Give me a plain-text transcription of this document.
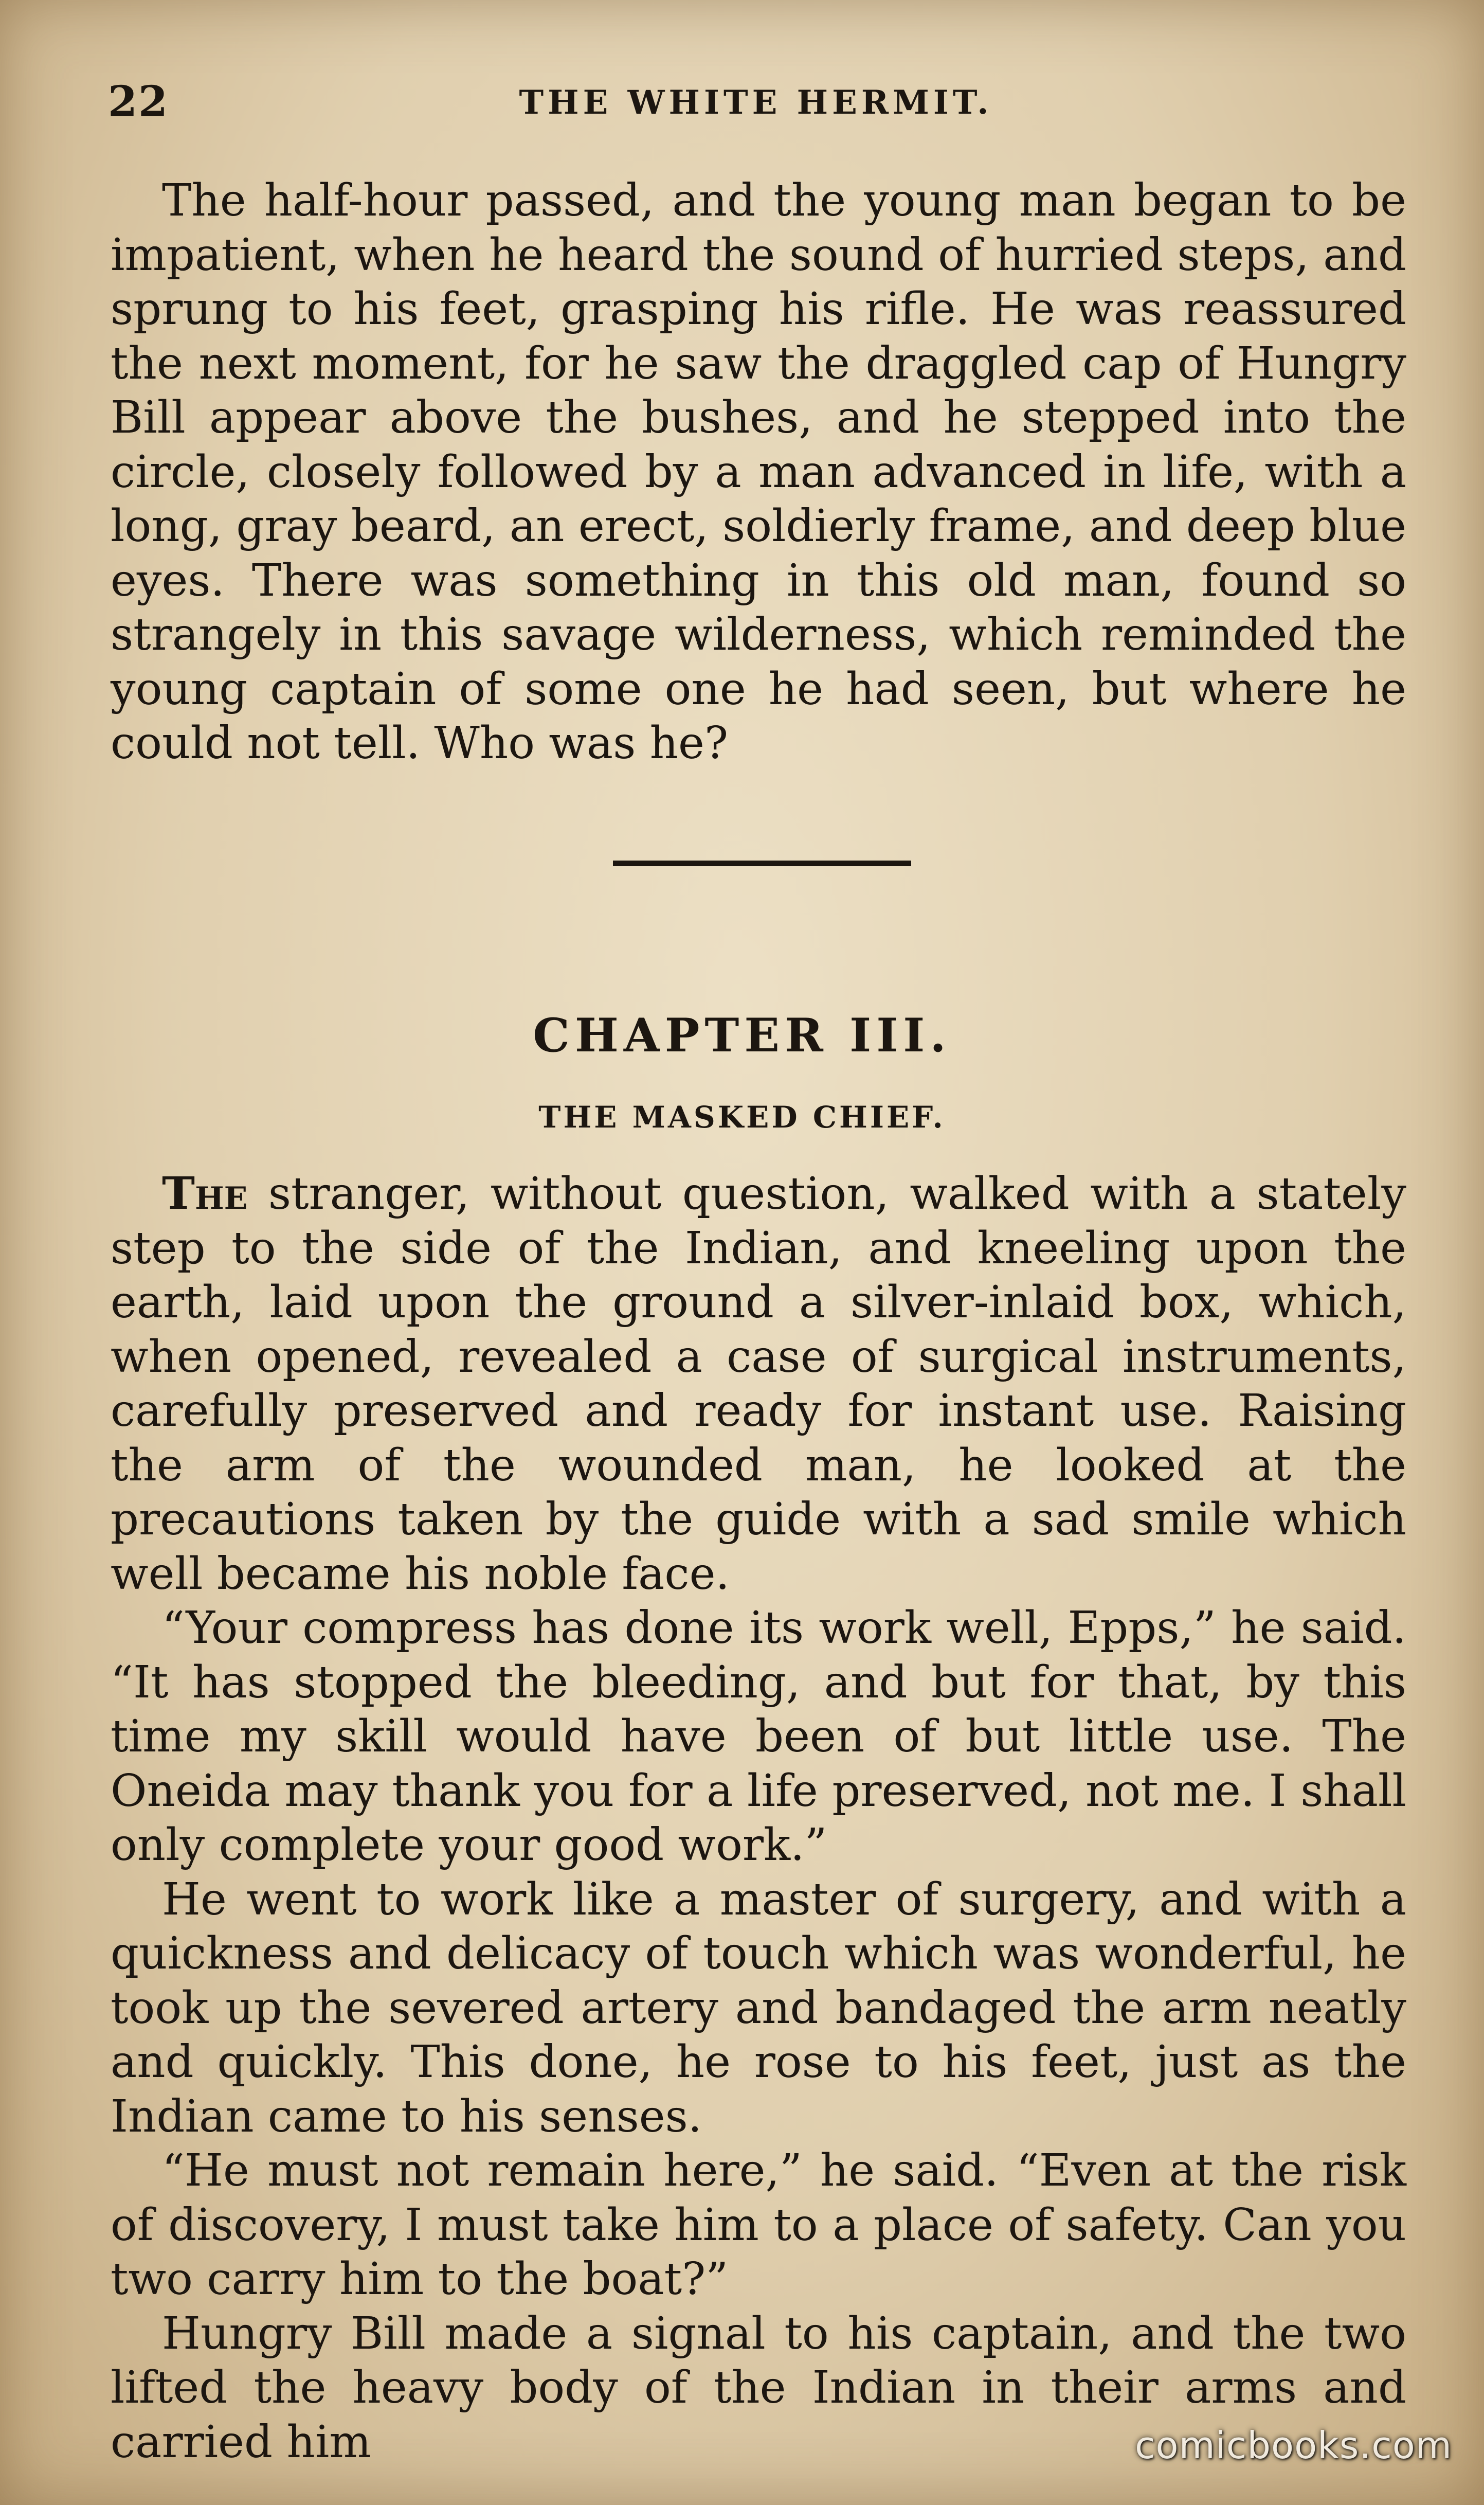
22	THE WHITE HERMIT.

The half-hour passed, and the young man began to be impatient, when he heard the sound of hurried steps, and sprung to his feet, grasping his rifle. He was reassured the next moment, for he saw the draggled cap of Hungry Bill appear above the bushes, and he stepped into the circle, closely followed by a man advanced in life, with a long, gray beard, an erect, soldierly frame, and deep blue eyes. There was something in this old man, found so strangely in this savage wilderness, which reminded the young captain of some one he had seen, but where he could not tell. Who was he?

CHAPTER III.
THE MASKED CHIEF.

The stranger, without question, walked with a stately step to the side of the Indian, and kneeling upon the earth, laid upon the ground a silver-inlaid box, which, when opened, revealed a case of surgical instruments, carefully preserved and ready for instant use. Raising the arm of the wounded man, he looked at the precautions taken by the guide with a sad smile which well became his noble face.

“Your compress has done its work well, Epps,” he said. “It has stopped the bleeding, and but for that, by this time my skill would have been of but little use. The Oneida may thank you for a life preserved, not me. I shall only complete your good work.”

He went to work like a master of surgery, and with a quickness and delicacy of touch which was wonderful, he took up the severed artery and bandaged the arm neatly and quickly. This done, he rose to his feet, just as the Indian came to his senses.

“He must not remain here,” he said. “Even at the risk of discovery, I must take him to a place of safety. Can you two carry him to the boat?”

Hungry Bill made a signal to his captain, and the two lifted the heavy body of the Indian in their arms and carried him	comicbooks.com
